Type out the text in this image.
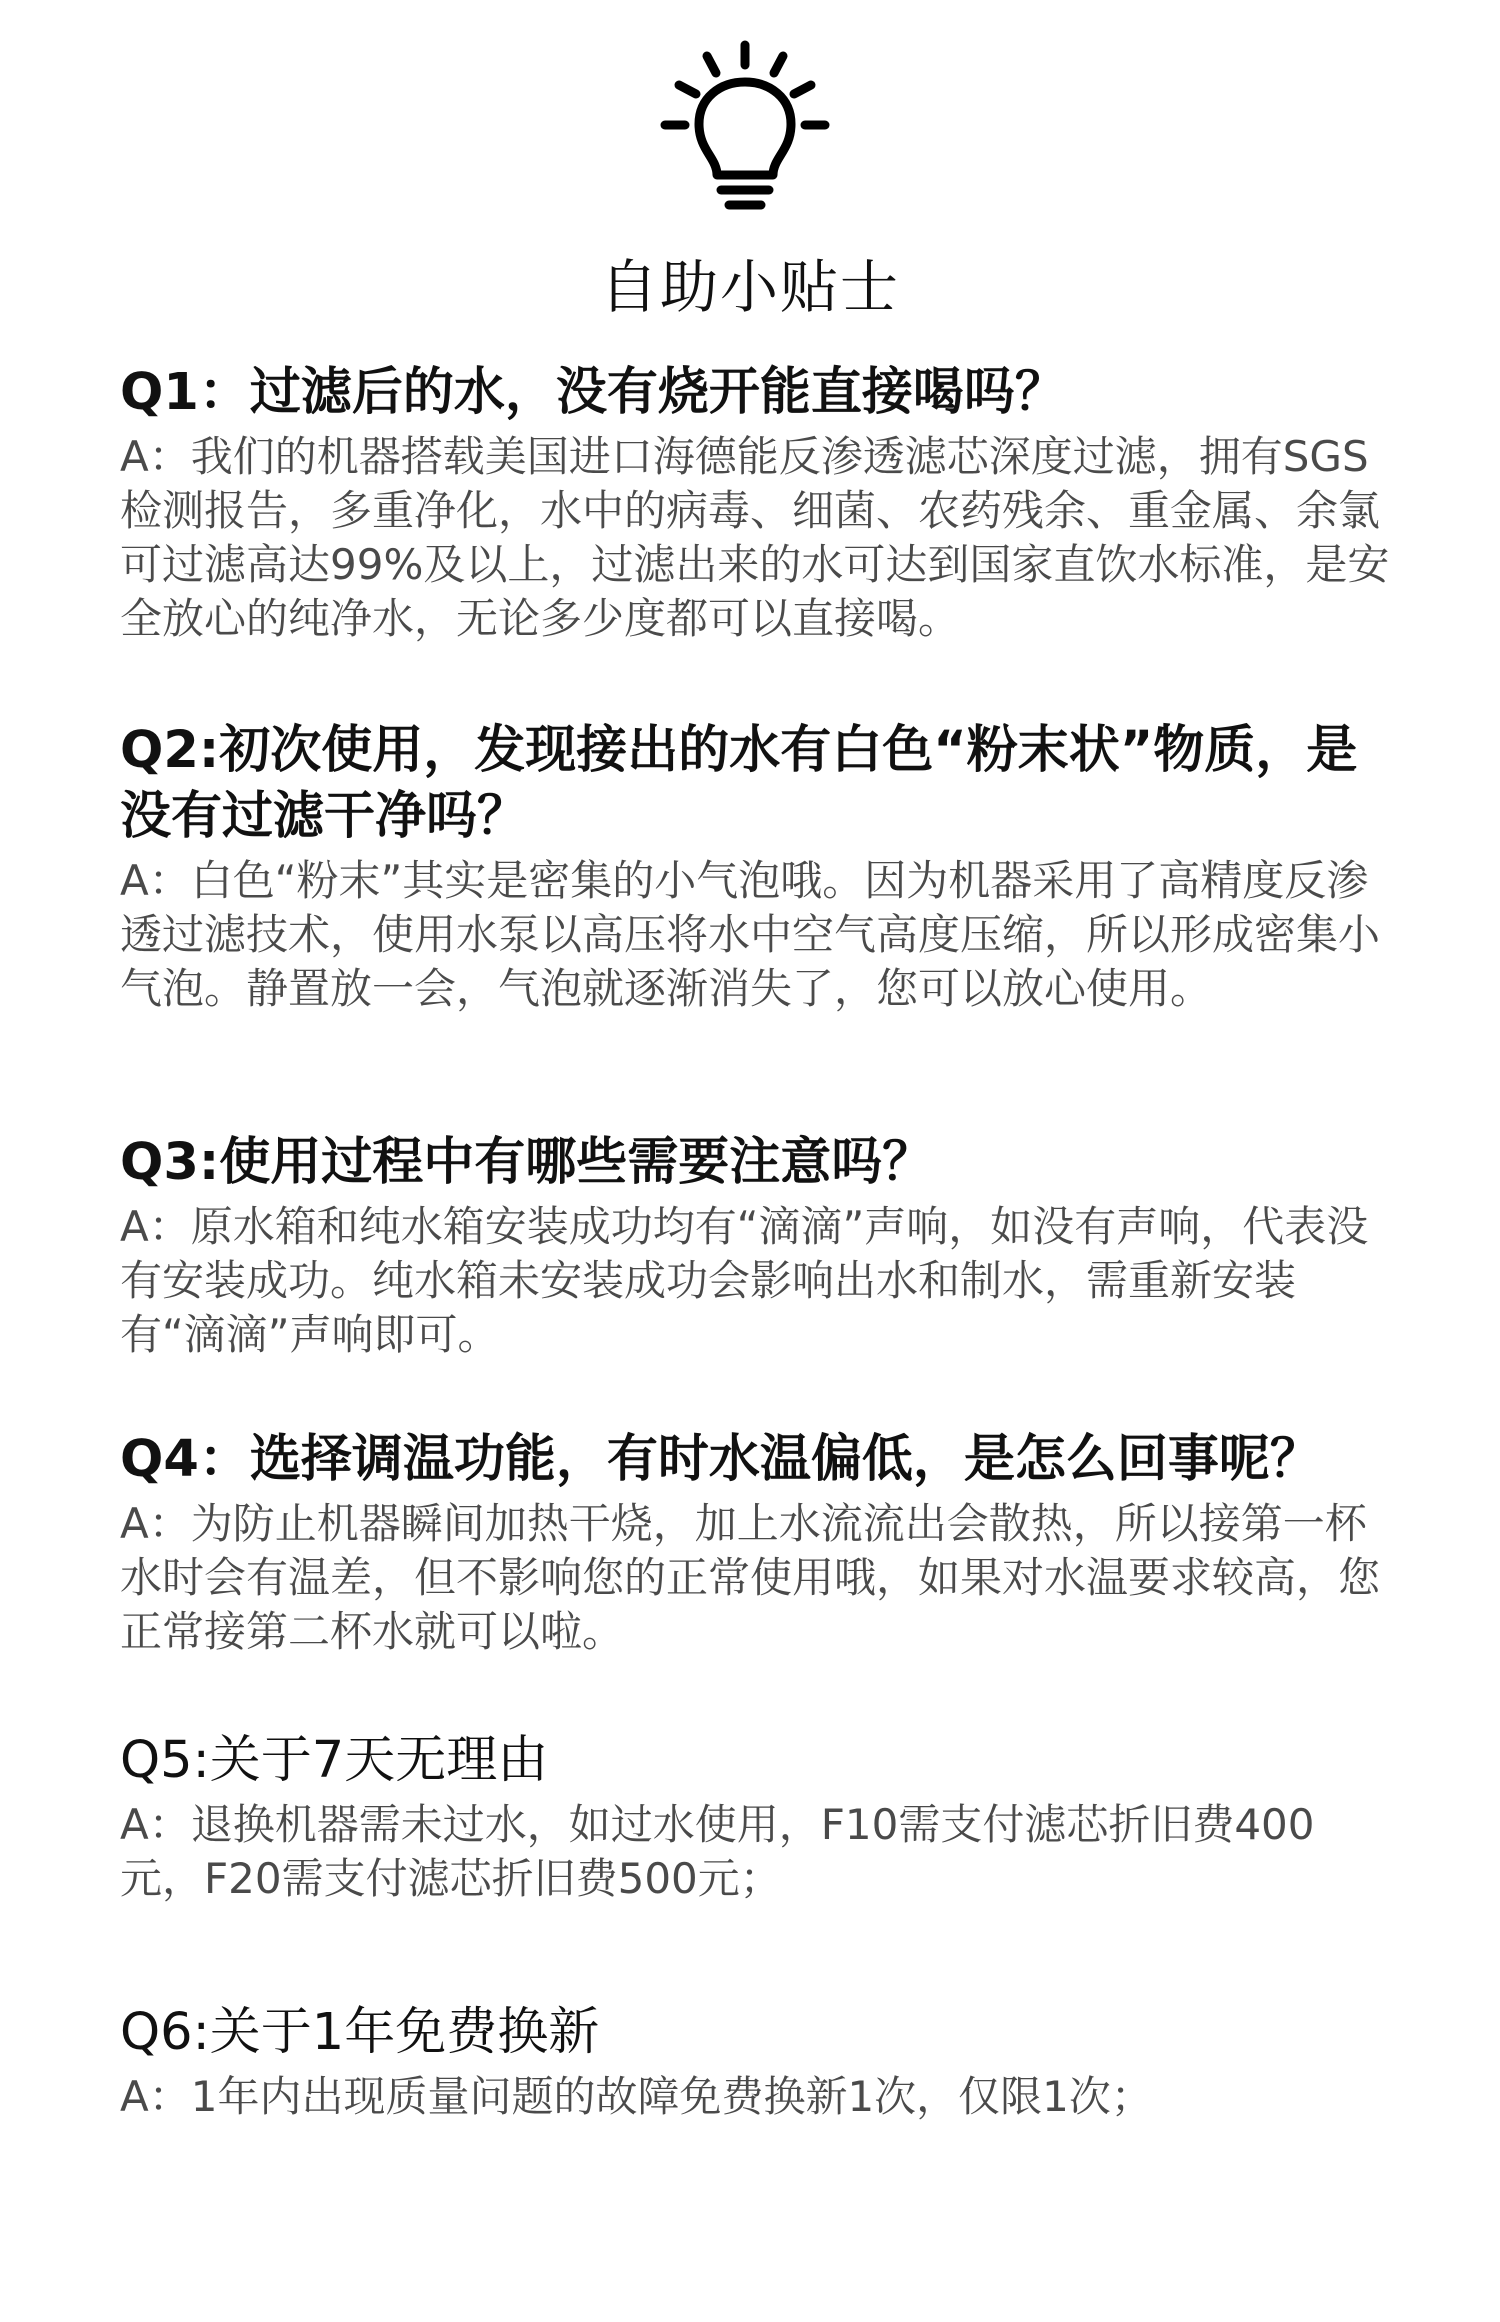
自助小贴士

Q1：过滤后的水，没有烧开能直接喝吗？

A：我们的机器搭载美国进口海德能反渗透滤芯深度过滤，拥有SGS检测报告，多重净化，水中的病毒、细菌、农药残余、重金属、余氯可过滤高达99%及以上，过滤出来的水可达到国家直饮水标准，是安全放心的纯净水，无论多少度都可以直接喝。

Q2:初次使用，发现接出的水有白色“粉末状”物质，是没有过滤干净吗？

A：白色“粉末”其实是密集的小气泡哦。因为机器采用了高精度反渗透过滤技术，使用水泵以高压将水中空气高度压缩，所以形成密集小气泡。静置放一会，气泡就逐渐消失了，您可以放心使用。

Q3:使用过程中有哪些需要注意吗？

A：原水箱和纯水箱安装成功均有“滴滴”声响，如没有声响，代表没有安装成功。纯水箱未安装成功会影响出水和制水，需重新安装有“滴滴”声响即可。

Q4：选择调温功能，有时水温偏低，是怎么回事呢？

A：为防止机器瞬间加热干烧，加上水流流出会散热，所以接第一杯水时会有温差，但不影响您的正常使用哦，如果对水温要求较高，您正常接第二杯水就可以啦。

Q5:关于7天无理由

A：退换机器需未过水，如过水使用，F10需支付滤芯折旧费400元，F20需支付滤芯折旧费500元；

Q6:关于1年免费换新

A：1年内出现质量问题的故障免费换新1次，仅限1次；
